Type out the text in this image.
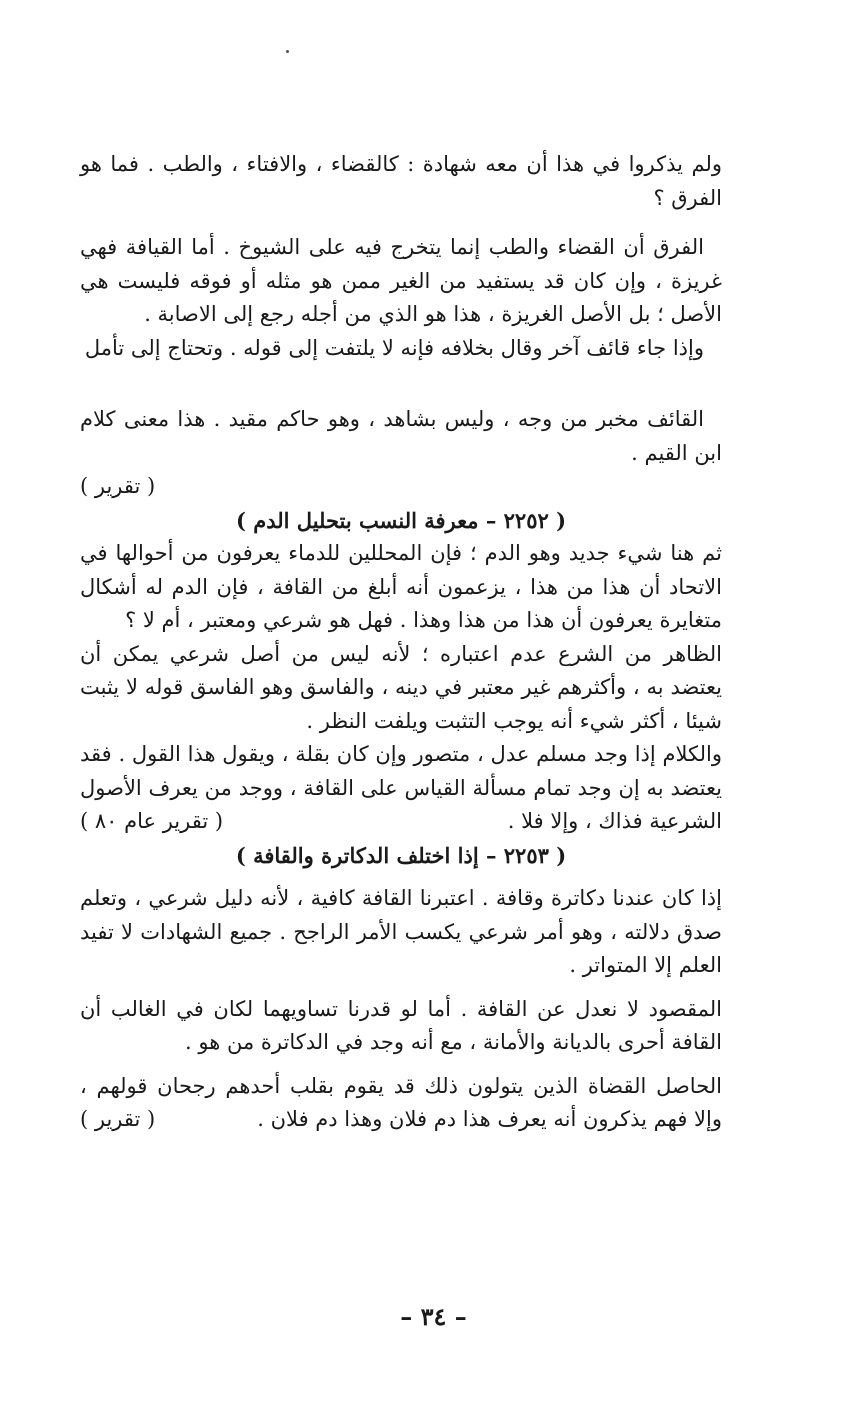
ولم يذكروا في هذا أن معه شهادة : كالقضاء ، والافتاء ، والطب . فما هو الفرق ؟

الفرق أن القضاء والطب إنما يتخرج فيه على الشيوخ . أما القيافة فهي غريزة ، وإن كان قد يستفيد من الغير ممن هو مثله أو فوقه فليست هي الأصل ؛ بل الأصل الغريزة ، هذا هو الذي من أجله رجع إلى الاصابة .

وإذا جاء قائف آخر وقال بخلافه فإنه لا يلتفت إلى قوله . وتحتاج إلى تأمل

القائف مخبر من وجه ، وليس بشاهد ، وهو حاكم مقيد . هذا معنى كلام ابن القيم .

( تقرير )

( ٢٢٥٢ – معرفة النسب بتحليل الدم )

ثم هنا شيء جديد وهو الدم ؛ فإن المحللين للدماء يعرفون من أحوالها في الاتحاد أن هذا من هذا ، يزعمون أنه أبلغ من القافة ، فإن الدم له أشكال متغايرة يعرفون أن هذا من هذا وهذا . فهل هو شرعي ومعتبر ، أم لا ؟

الظاهر من الشرع عدم اعتباره ؛ لأنه ليس من أصل شرعي يمكن أن يعتضد به ، وأكثرهم غير معتبر في دينه ، والفاسق وهو الفاسق قوله لا يثبت شيئا ، أكثر شيء أنه يوجب التثبت ويلفت النظر .

والكلام إذا وجد مسلم عدل ، متصور وإن كان بقلة ، ويقول هذا القول . فقد يعتضد به إن وجد تمام مسألة القياس على القافة ، ووجد من يعرف الأصول الشرعية فذاك ، وإلا فلا .
( تقرير عام ٨٠ )

( ٢٢٥٣ – إذا اختلف الدكاترة والقافة )

إذا كان عندنا دكاترة وقافة . اعتبرنا القافة كافية ، لأنه دليل شرعي ، وتعلم صدق دلالته ، وهو أمر شرعي يكسب الأمر الراجح . جميع الشهادات لا تفيد العلم إلا المتواتر .

المقصود لا نعدل عن القافة . أما لو قدرنا تساويهما لكان في الغالب أن القافة أحرى بالديانة والأمانة ، مع أنه وجد في الدكاترة من هو .

الحاصل القضاة الذين يتولون ذلك قد يقوم بقلب أحدهم رجحان قولهم ، وإلا فهم يذكرون أنه يعرف هذا دم فلان وهذا دم فلان .
( تقرير )

– ٣٤ –
